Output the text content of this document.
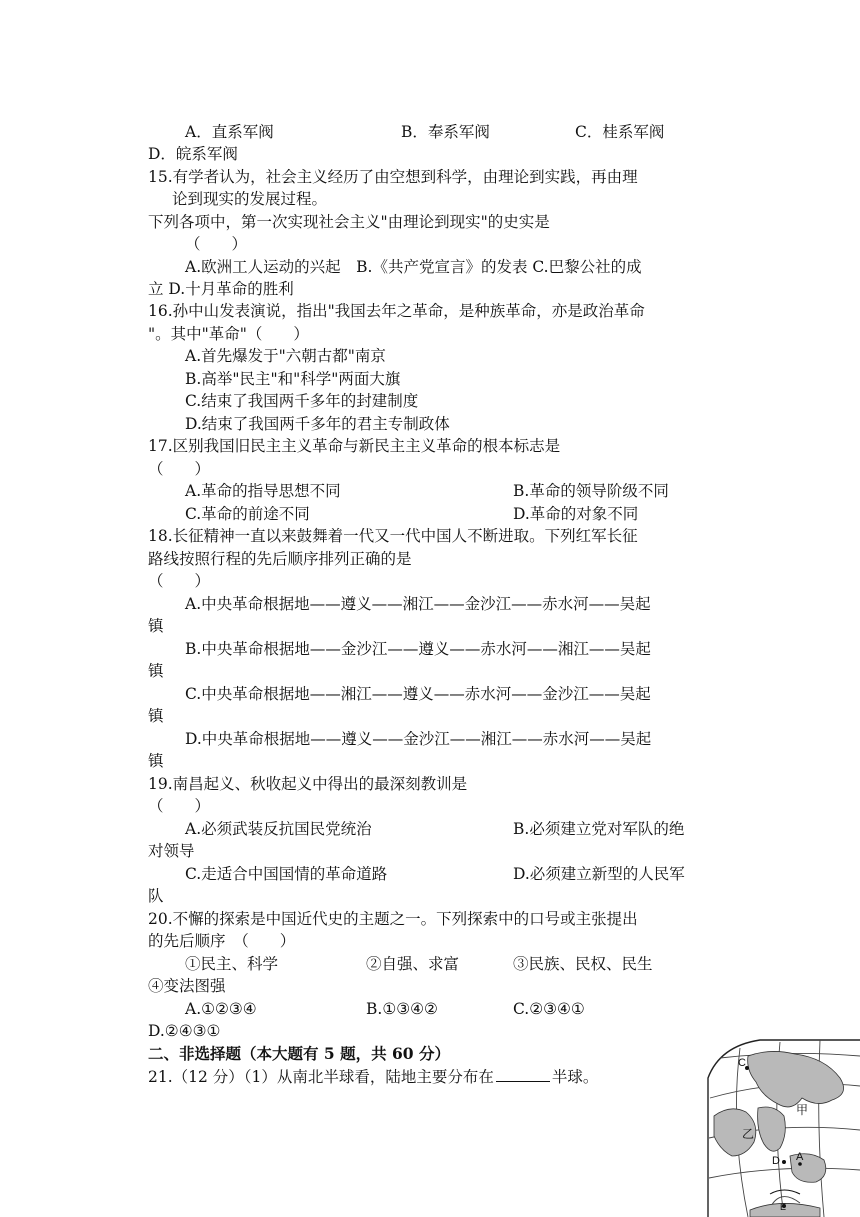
A．直系军阀	B．奉系军阀	C．桂系军阀
D．皖系军阀
15.有学者认为，社会主义经历了由空想到科学，由理论到实践，再由理
论到现实的发展过程。
下列各项中，第一次实现社会主义"由理论到现实"的史实是
（　　）
A.欧洲工人运动的兴起　B.《共产党宣言》的发表 C.巴黎公社的成
立 D.十月革命的胜利
16.孙中山发表演说，指出"我国去年之革命，是种族革命，亦是政治革命
"。其中"革命"（　　）
A.首先爆发于"六朝古都"南京
B.高举"民主"和"科学"两面大旗
C.结束了我国两千多年的封建制度
D.结束了我国两千多年的君主专制政体
17.区别我国旧民主主义革命与新民主主义革命的根本标志是
（　　）
A.革命的指导思想不同	B.革命的领导阶级不同
C.革命的前途不同	D.革命的对象不同
18.长征精神一直以来鼓舞着一代又一代中国人不断进取。下列红军长征
路线按照行程的先后顺序排列正确的是
（　　）
A.中央革命根据地——遵义——湘江——金沙江——赤水河——吴起
镇
B.中央革命根据地——金沙江——遵义——赤水河——湘江——吴起
镇
C.中央革命根据地——湘江——遵义——赤水河——金沙江——吴起
镇
D.中央革命根据地——遵义——金沙江——湘江——赤水河——吴起
镇
19.南昌起义、秋收起义中得出的最深刻教训是
（　　）
A.必须武装反抗国民党统治	B.必须建立党对军队的绝
对领导
C.走适合中国国情的革命道路	D.必须建立新型的人民军
队
20.不懈的探索是中国近代史的主题之一。下列探索中的口号或主张提出
的先后顺序　（　　）
①民主、科学	②自强、求富	③民族、民权、民生
④变法图强
A.①②③④	B.①③④②	C.②③④①
D.②④③①
二、非选择题（本大题有 5 题，共 60 分）
21.（12 分）（1）从南北半球看，陆地主要分布在	半球。
C
甲
乙
D A
E
